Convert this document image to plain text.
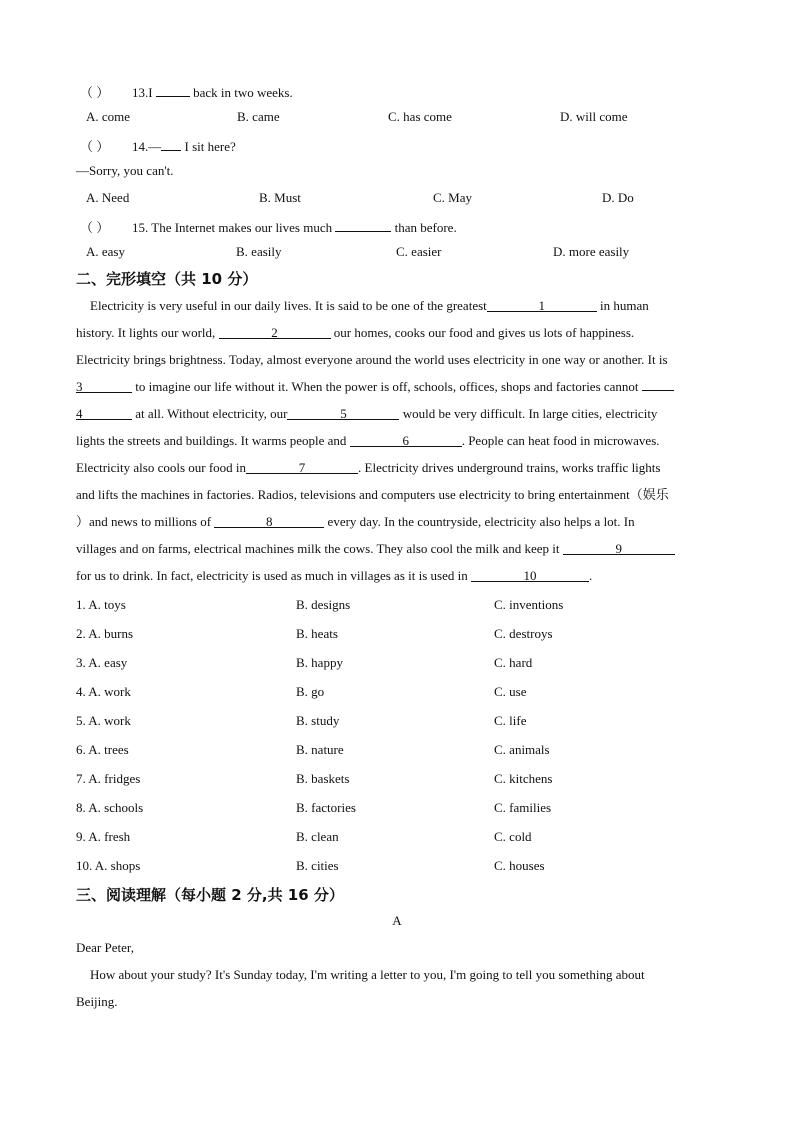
（ ） 13.I	back in two weeks.
A. come	B. came	C. has come	D. will come
（ ） 14.— I sit here?
—Sorry, you can't.
A. Need	B. Must	C. May	D. Do
（ ） 15. The Internet makes our lives much	than before.
A. easy	B. easily	C. easier	D. more easily
二、完形填空（共 10 分）
Electricity is very useful in our daily lives. It is said to be one of the greatest	1	in human
history. It lights our world,	2	our homes, cooks our food and gives us lots of happiness.
Electricity brings brightness. Today, almost everyone around the world uses electricity in one way or another. It is
3	to imagine our life without it. When the power is off, schools, offices, shops and factories cannot
4	at all. Without electricity, our	5	would be very difficult. In large cities, electricity
lights the streets and buildings. It warms people and	6	. People can heat food in microwaves.
Electricity also cools our food in	7	. Electricity drives underground trains, works traffic lights
and lifts the machines in factories. Radios, televisions and computers use electricity to bring entertainment（娱乐
）and news to millions of	8	every day. In the countryside, electricity also helps a lot. In
villages and on farms, electrical machines milk the cows. They also cool the milk and keep it	9
for us to drink. In fact, electricity is used as much in villages as it is used in	10	.
1. A. toys	B. designs	C. inventions
2. A. burns	B. heats	C. destroys
3. A. easy	B. happy	C. hard
4. A. work	B. go	C. use
5. A. work	B. study	C. life
6. A. trees	B. nature	C. animals
7. A. fridges	B. baskets	C. kitchens
8. A. schools	B. factories	C. families
9. A. fresh	B. clean	C. cold
10. A. shops	B. cities	C. houses
三、阅读理解（每小题 2 分,共 16 分）
A
Dear Peter,
How about your study? It's Sunday today, I'm writing a letter to you, I'm going to tell you something about
Beijing.
